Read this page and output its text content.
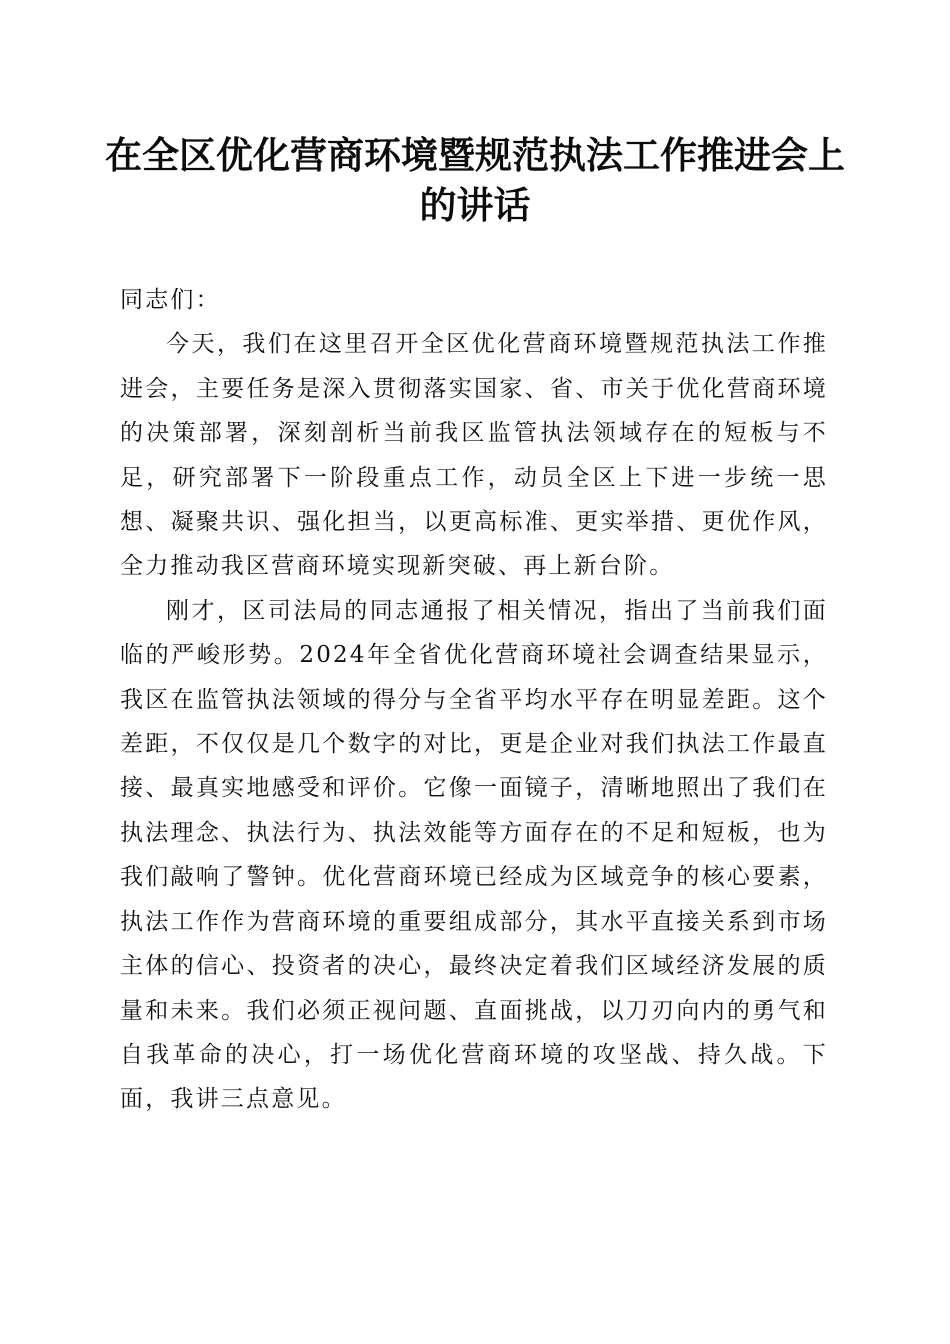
在全区优化营商环境暨规范执法工作推进会上
的讲话

同志们：

今天，我们在这里召开全区优化营商环境暨规范执法工作推进会，主要任务是深入贯彻落实国家、省、市关于优化营商环境的决策部署，深刻剖析当前我区监管执法领域存在的短板与不足，研究部署下一阶段重点工作，动员全区上下进一步统一思想、凝聚共识、强化担当，以更高标准、更实举措、更优作风，全力推动我区营商环境实现新突破、再上新台阶。

刚才，区司法局的同志通报了相关情况，指出了当前我们面临的严峻形势。2024年全省优化营商环境社会调查结果显示，我区在监管执法领域的得分与全省平均水平存在明显差距。这个差距，不仅仅是几个数字的对比，更是企业对我们执法工作最直接、最真实地感受和评价。它像一面镜子，清晰地照出了我们在执法理念、执法行为、执法效能等方面存在的不足和短板，也为我们敲响了警钟。优化营商环境已经成为区域竞争的核心要素，执法工作作为营商环境的重要组成部分，其水平直接关系到市场主体的信心、投资者的决心，最终决定着我们区域经济发展的质量和未来。我们必须正视问题、直面挑战，以刀刃向内的勇气和自我革命的决心，打一场优化营商环境的攻坚战、持久战。下面，我讲三点意见。
